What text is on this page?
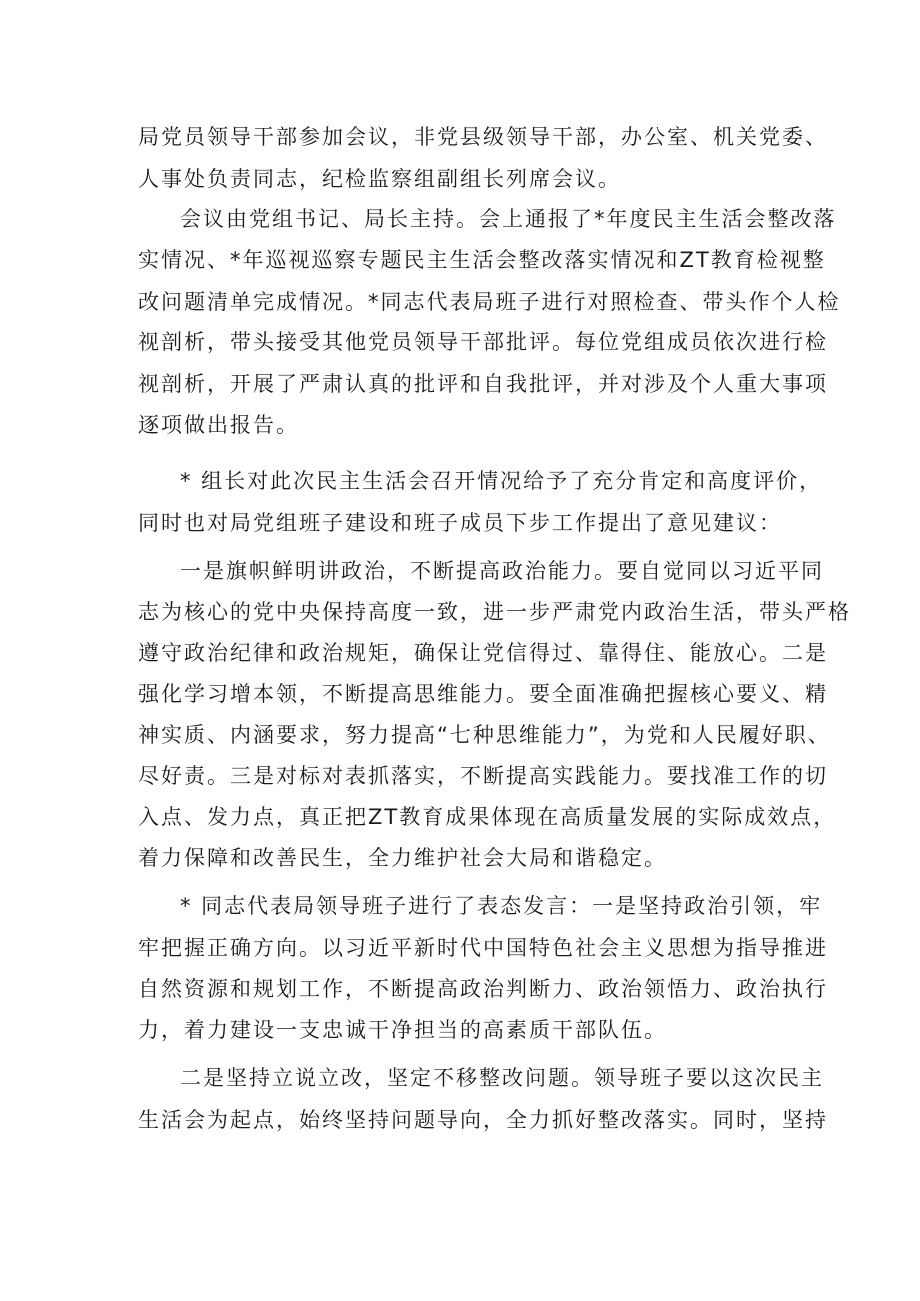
局党员领导干部参加会议，非党县级领导干部，办公室、机关党委、
人事处负责同志，纪检监察组副组长列席会议。
会议由党组书记、局长主持。会上通报了*年度民主生活会整改落
实情况、*年巡视巡察专题民主生活会整改落实情况和ZT教育检视整
改问题清单完成情况。*同志代表局班子进行对照检查、带头作个人检
视剖析，带头接受其他党员领导干部批评。每位党组成员依次进行检
视剖析，开展了严肃认真的批评和自我批评，并对涉及个人重大事项
逐项做出报告。
* 组长对此次民主生活会召开情况给予了充分肯定和高度评价，
同时也对局党组班子建设和班子成员下步工作提出了意见建议：
一是旗帜鲜明讲政治，不断提高政治能力。要自觉同以习近平同
志为核心的党中央保持高度一致，进一步严肃党内政治生活，带头严格
遵守政治纪律和政治规矩，确保让党信得过、靠得住、能放心。二是
强化学习增本领，不断提高思维能力。要全面准确把握核心要义、精
神实质、内涵要求，努力提高“七种思维能力”，为党和人民履好职、
尽好责。三是对标对表抓落实，不断提高实践能力。要找准工作的切
入点、发力点，真正把ZT教育成果体现在高质量发展的实际成效点，
着力保障和改善民生，全力维护社会大局和谐稳定。
* 同志代表局领导班子进行了表态发言：一是坚持政治引领，牢
牢把握正确方向。以习近平新时代中国特色社会主义思想为指导推进
自然资源和规划工作，不断提高政治判断力、政治领悟力、政治执行
力，着力建设一支忠诚干净担当的高素质干部队伍。
二是坚持立说立改，坚定不移整改问题。领导班子要以这次民主
生活会为起点，始终坚持问题导向，全力抓好整改落实。同时，坚持
